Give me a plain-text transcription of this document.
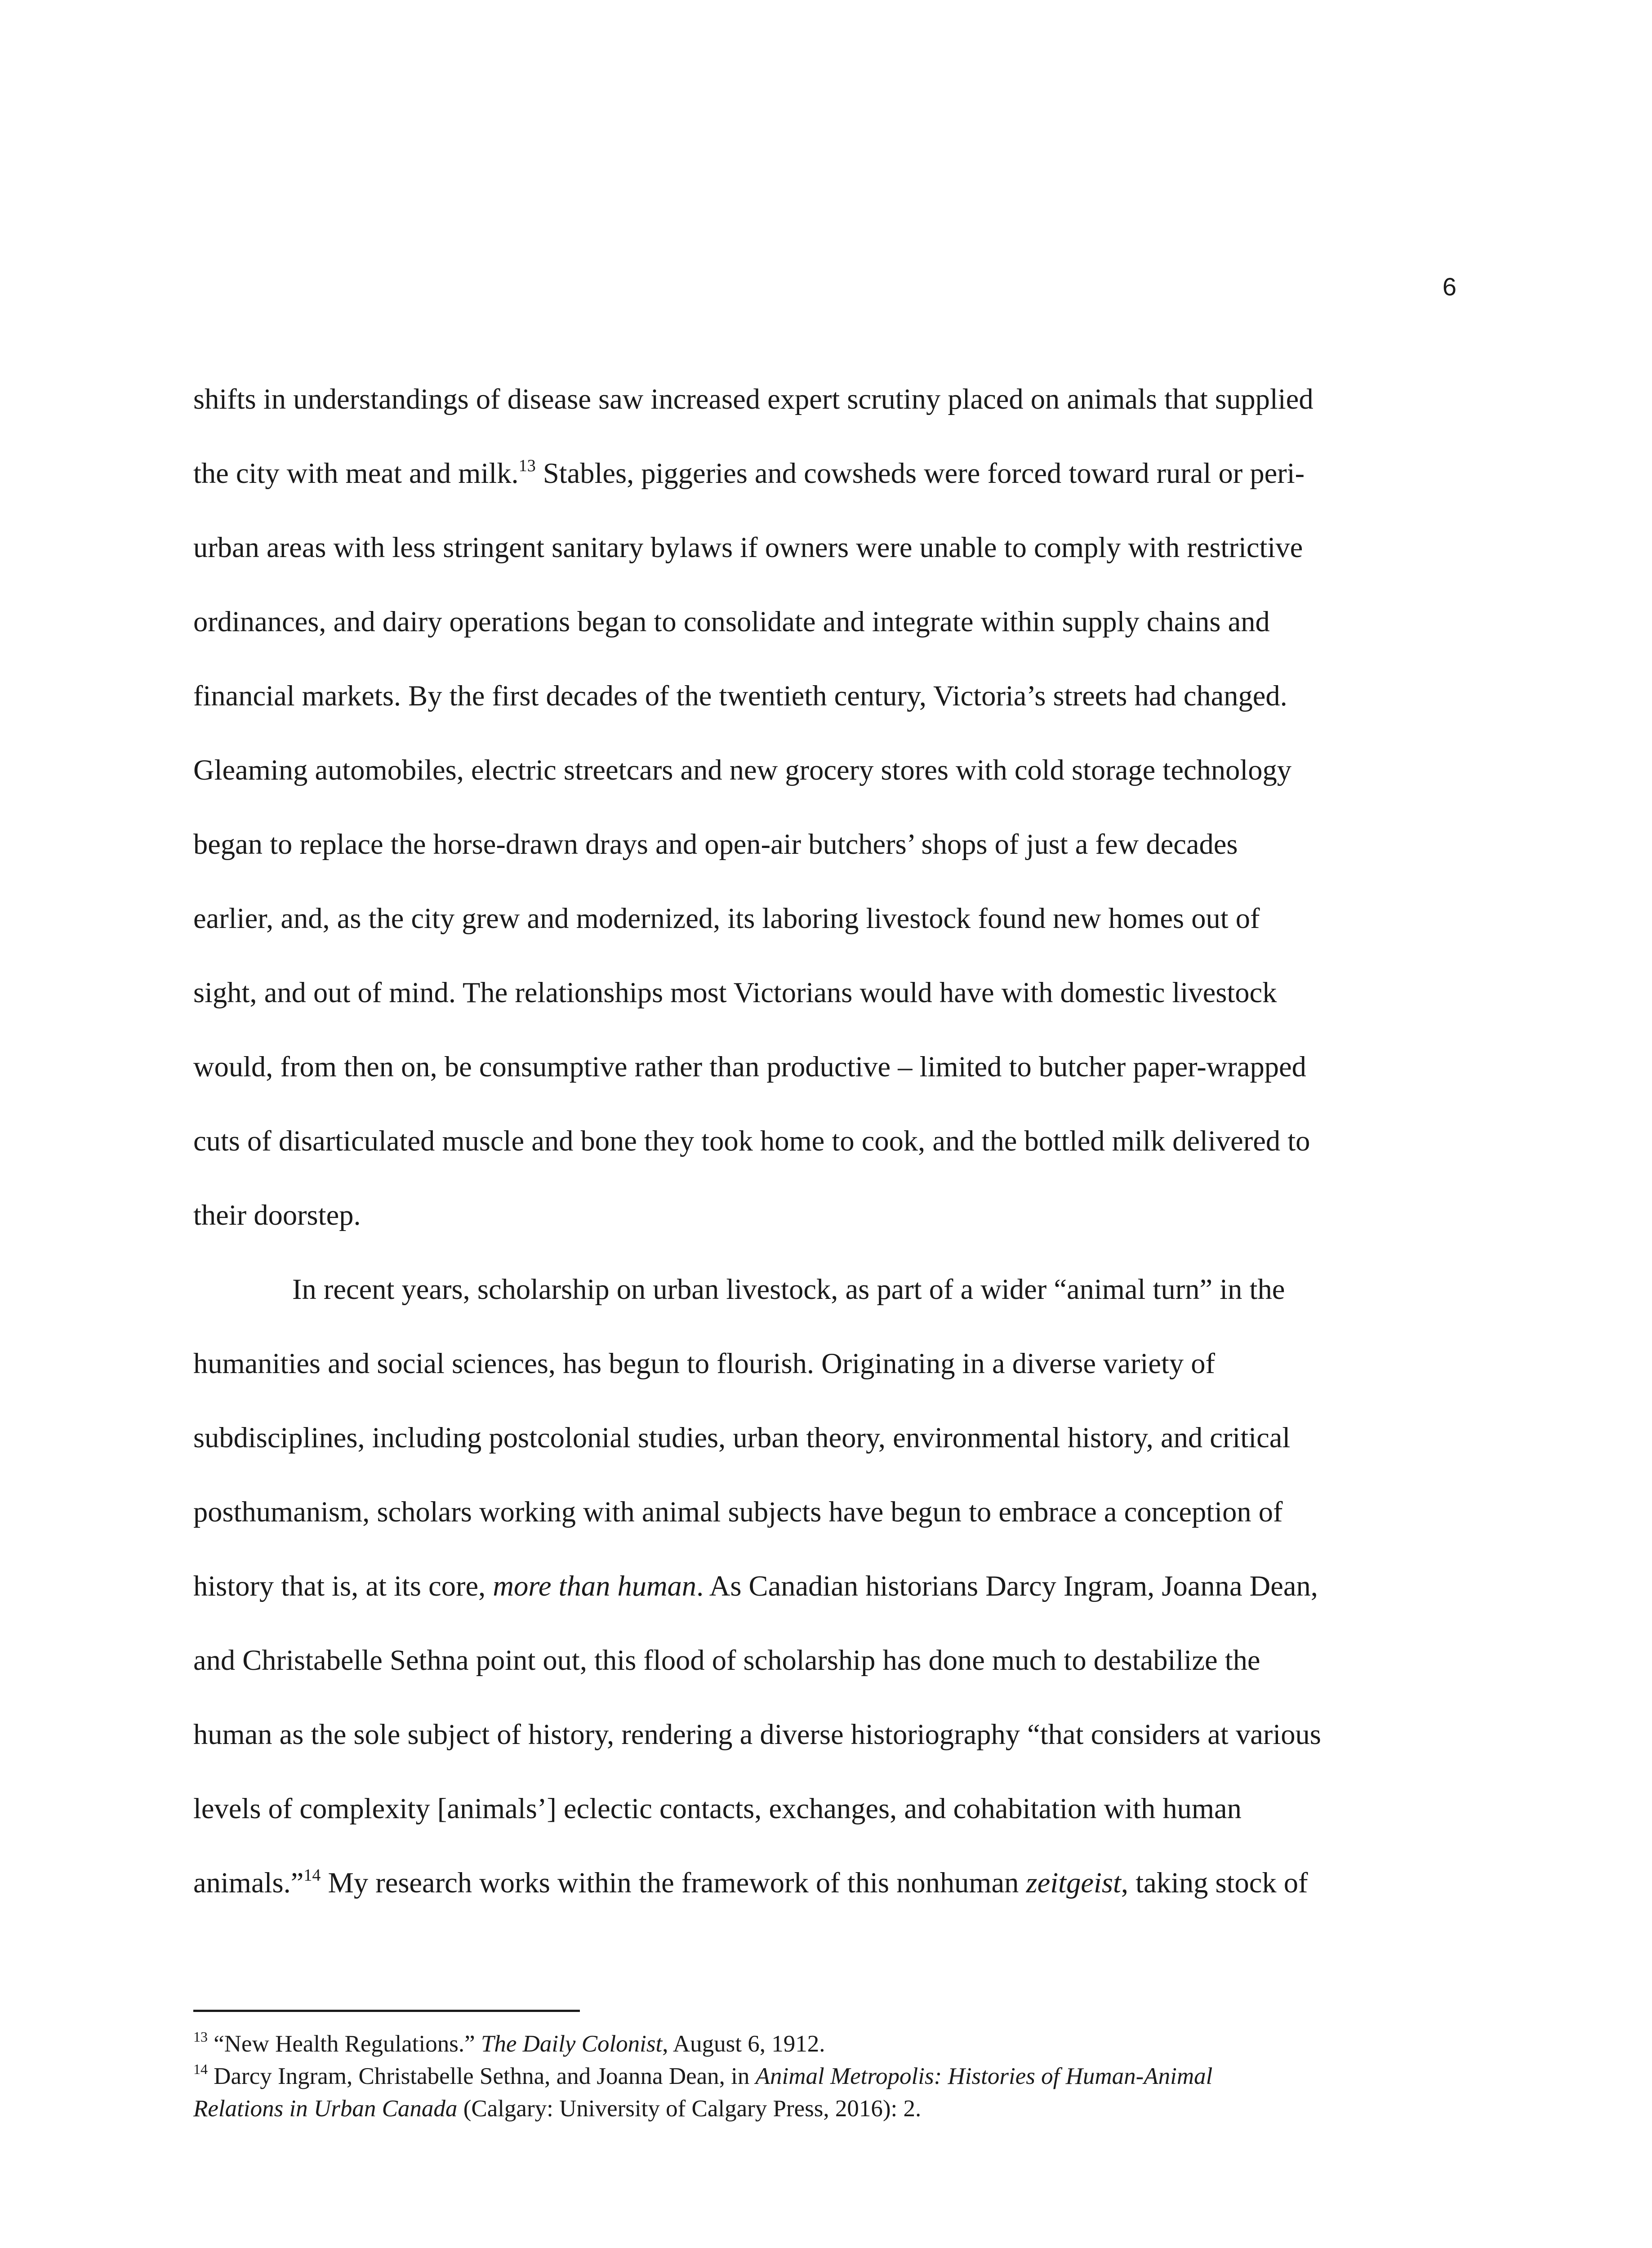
6
shifts in understandings of disease saw increased expert scrutiny placed on animals that supplied
the city with meat and milk.$^{13}$ Stables, piggeries and cowsheds were forced toward rural or peri-
urban areas with less stringent sanitary bylaws if owners were unable to comply with restrictive
ordinances, and dairy operations began to consolidate and integrate within supply chains and
financial markets. By the first decades of the twentieth century, Victoria’s streets had changed.
Gleaming automobiles, electric streetcars and new grocery stores with cold storage technology
began to replace the horse-drawn drays and open-air butchers’ shops of just a few decades
earlier, and, as the city grew and modernized, its laboring livestock found new homes out of
sight, and out of mind. The relationships most Victorians would have with domestic livestock
would, from then on, be consumptive rather than productive – limited to butcher paper-wrapped
cuts of disarticulated muscle and bone they took home to cook, and the bottled milk delivered to
their doorstep.
In recent years, scholarship on urban livestock, as part of a wider “animal turn” in the
humanities and social sciences, has begun to flourish. Originating in a diverse variety of
subdisciplines, including postcolonial studies, urban theory, environmental history, and critical
posthumanism, scholars working with animal subjects have begun to embrace a conception of
history that is, at its core, more than human. As Canadian historians Darcy Ingram, Joanna Dean,
and Christabelle Sethna point out, this flood of scholarship has done much to destabilize the
human as the sole subject of history, rendering a diverse historiography “that considers at various
levels of complexity [animals’] eclectic contacts, exchanges, and cohabitation with human
animals.”$^{14}$ My research works within the framework of this nonhuman zeitgeist, taking stock of
$^{13}$ “New Health Regulations.” The Daily Colonist, August 6, 1912.
$^{14}$ Darcy Ingram, Christabelle Sethna, and Joanna Dean, in Animal Metropolis: Histories of Human-Animal
Relations in Urban Canada (Calgary: University of Calgary Press, 2016): 2.
